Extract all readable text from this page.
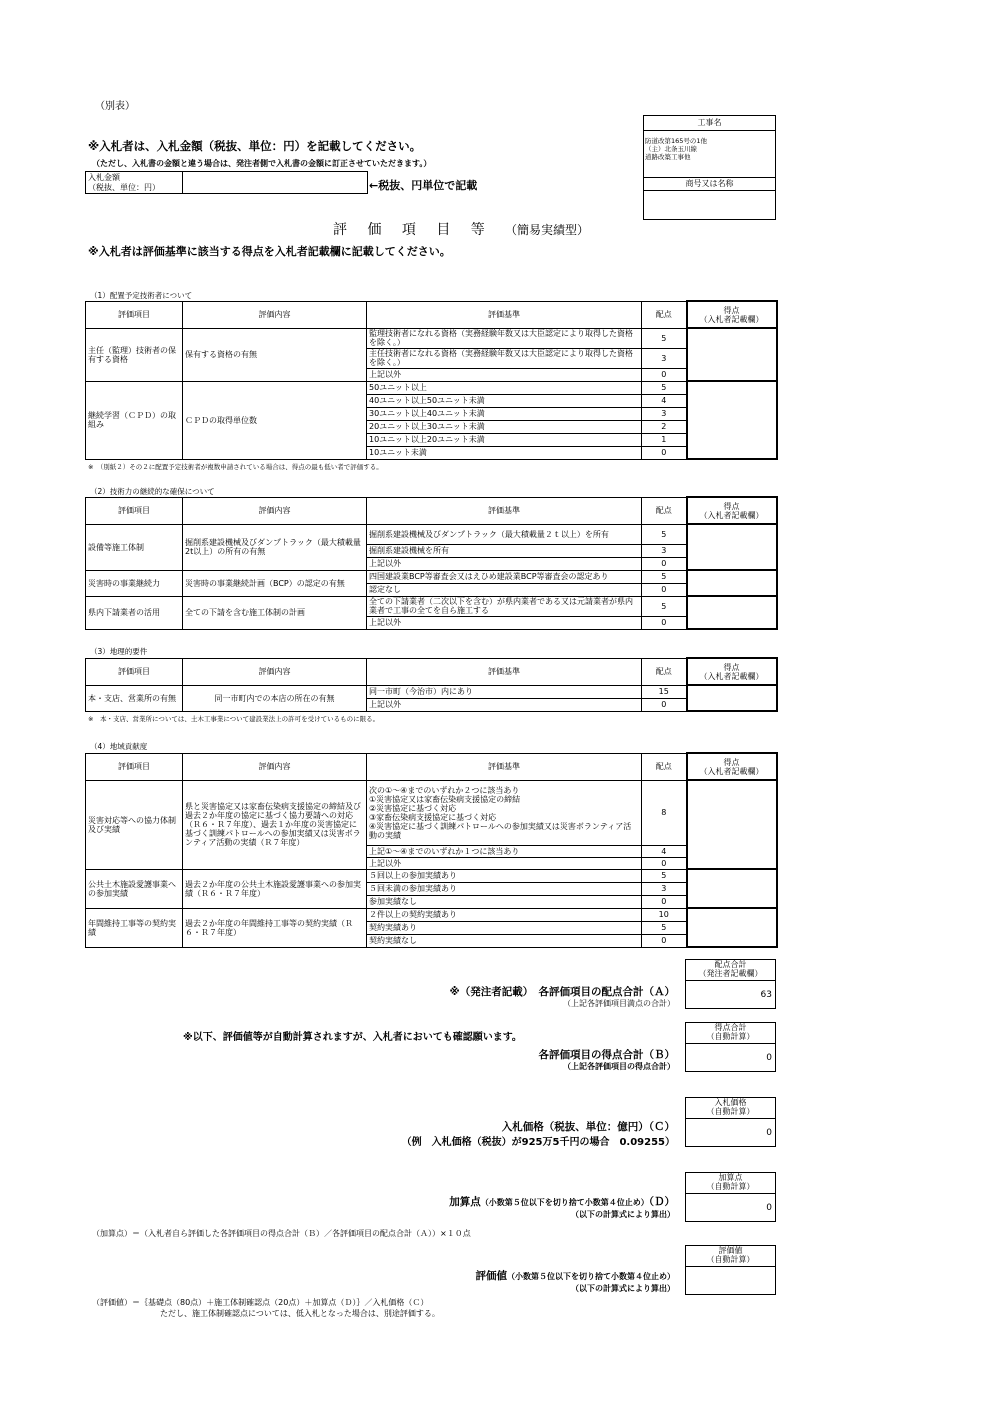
（別表）
※入札者は、入札金額（税抜、単位：円）を記載してください。
（ただし、入札書の金額と違う場合は、発注者側で入札書の金額に訂正させていただきます。）
入札金額
（税抜、単位：円）		←税抜、円単位で記載
工事名
防道改第165号の1他
（主）北条玉川線
道路改築工事他
商号又は名称
評 価 項 目 等 （簡易実績型）
※入札者は評価基準に該当する得点を入札者記載欄に記載してください。
（1）配置予定技術者について
評価項目	評価内容	評価基準	配点	得点
（入札者記載欄）
主任（監理）技術者の保有する資格	保有する資格の有無	監理技術者になれる資格（実務経験年数又は大臣認定により取得した資格を除く。）	5	
		主任技術者になれる資格（実務経験年数又は大臣認定により取得した資格を除く。）	3	
		上記以外	0	
継続学習（ＣＰＤ）の取組み	ＣＰＤの取得単位数	50ユニット以上	5	
		40ユニット以上50ユニット未満	4	
		30ユニット以上40ユニット未満	3	
		20ユニット以上30ユニット未満	2	
		10ユニット以上20ユニット未満	1	
		10ユニット未満	0	
※　（別紙２）その２に配置予定技術者が複数申請されている場合は、得点の最も低い者で評価する。
（2）技術力の継続的な確保について
評価項目	評価内容	評価基準	配点	得点
（入札者記載欄）
設備等施工体制	掘削系建設機械及びダンプトラック（最大積載量2t以上）の所有の有無	掘削系建設機械及びダンプトラック（最大積載量２ｔ以上）を所有	5	
		掘削系建設機械を所有	3	
		上記以外	0	
災害時の事業継続力	災害時の事業継続計画（BCP）の認定の有無	四国建設業BCP等審査会又はえひめ建設業BCP等審査会の認定あり	5	
		認定なし	0	
県内下請業者の活用	全ての下請を含む施工体制の計画	全ての下請業者（二次以下を含む）が県内業者である又は元請業者が県内業者で工事の全てを自ら施工する	5	
		上記以外	0	
（3）地理的要件
評価項目	評価内容	評価基準	配点	得点
（入札者記載欄）
本・支店、営業所の有無	同一市町内での本店の所在の有無	同一市町（今治市）内にあり	15	
		上記以外	0	
※　本・支店、営業所については、土木工事業について建設業法上の許可を受けているものに限る。
（4）地域貢献度
評価項目	評価内容	評価基準	配点	得点
（入札者記載欄）
災害対応等への協力体制及び実績	県と災害協定又は家畜伝染病支援協定の締結及び過去２か年度の協定に基づく協力要請への対応（Ｒ６・Ｒ７年度）、過去１か年度の災害協定に基づく訓練パトロールへの参加実績又は災害ボランティア活動の実績（Ｒ７年度）	次の①～④までのいずれか２つに該当あり
①災害協定又は家畜伝染病支援協定の締結
②災害協定に基づく対応
③家畜伝染病支援協定に基づく対応
④災害協定に基づく訓練パトロールへの参加実績又は災害ボランティア活動の実績	8	
		上記①～④までのいずれか１つに該当あり	4	
		上記以外	0	
公共土木施設愛護事業への参加実績	過去２か年度の公共土木施設愛護事業への参加実績（Ｒ６・Ｒ７年度）	５回以上の参加実績あり	5	
		５回未満の参加実績あり	3	
		参加実績なし	0	
年間維持工事等の契約実績	過去２か年度の年間維持工事等の契約実績（Ｒ６・Ｒ７年度）	２件以上の契約実績あり	10	
		契約実績あり	5	
		契約実績なし	0	
配点合計
（発注者記載欄）
63
※（発注者記載）　各評価項目の配点合計（Ａ）
（上記各評価項目満点の合計）
※以下、評価値等が自動計算されますが、入札者においても確認願います。
得点合計
（自動計算）
0
各評価項目の得点合計（Ｂ）
（上記各評価項目の得点合計）
入札価格
（自動計算）
0
入札価格（税抜、単位：億円）（Ｃ）
（例　入札価格（税抜）が925万5千円の場合　0.09255）
加算点
（自動計算）
0
加算点（小数第５位以下を切り捨て小数第４位止め）（Ｄ）
（以下の計算式により算出）
（加算点）＝（入札者自ら評価した各評価項目の得点合計（Ｂ）／各評価項目の配点合計（Ａ））×１０点
評価値
（自動計算）
評価値（小数第５位以下を切り捨て小数第４位止め）
（以下の計算式により算出）
（評価値）＝｛基礎点（80点）＋施工体制確認点（20点）＋加算点（Ｄ）｝／入札価格（Ｃ）
ただし、施工体制確認点については、低入札となった場合は、別途評価する。
